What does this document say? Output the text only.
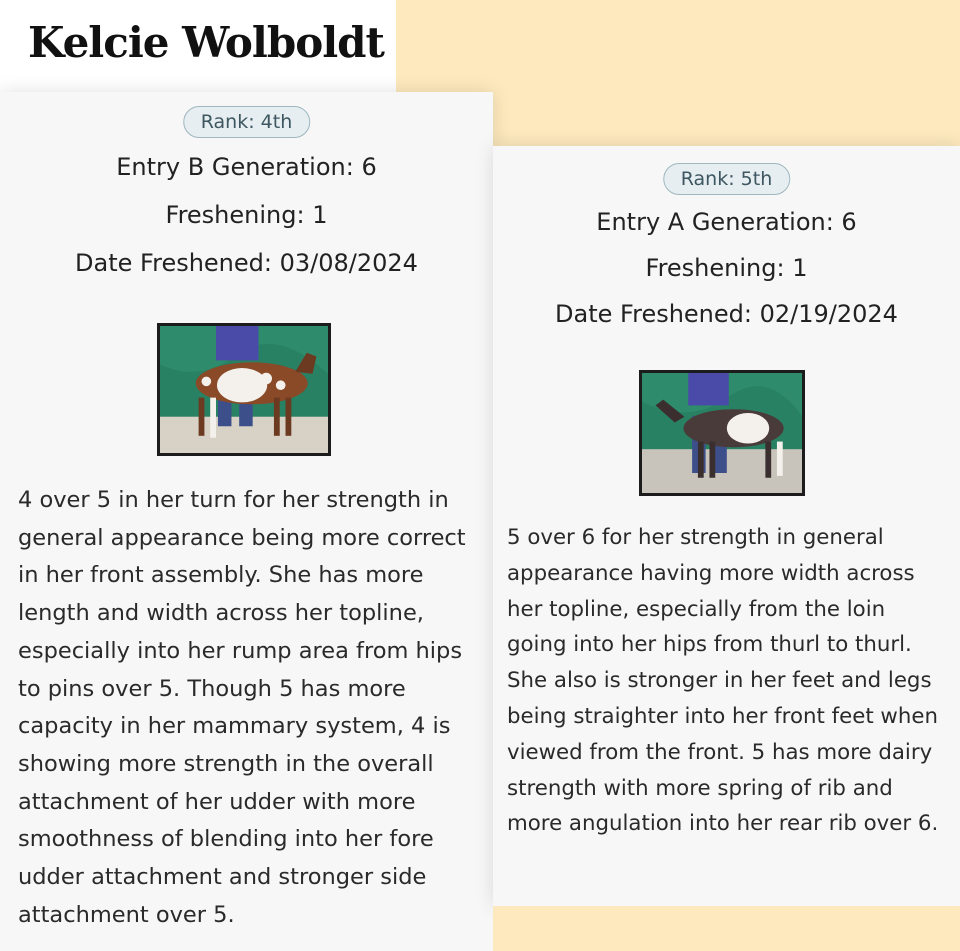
Kelcie Wolboldt
Rank: 4th
Entry B Generation: 6
Freshening: 1
Date Freshened: 03/08/2024

4 over 5 in her turn for her strength in general appearance being more correct in her front assembly. She has more length and width across her topline, especially into her rump area from hips to pins over 5. Though 5 has more capacity in her mammary system, 4 is showing more strength in the overall attachment of her udder with more smoothness of blending into her fore udder attachment and stronger side attachment over 5.

Rank: 5th
Entry A Generation: 6
Freshening: 1
Date Freshened: 02/19/2024

5 over 6 for her strength in general appearance having more width across her topline, especially from the loin going into her hips from thurl to thurl. She also is stronger in her feet and legs being straighter into her front feet when viewed from the front. 5 has more dairy strength with more spring of rib and more angulation into her rear rib over 6.
